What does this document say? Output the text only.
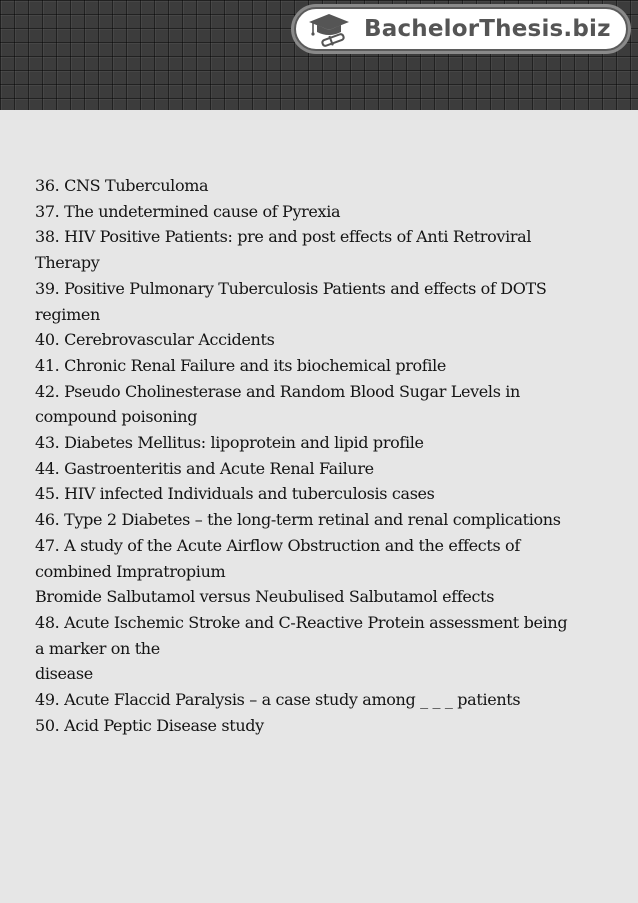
BachelorThesis.biz
36. CNS Tuberculoma
37. The undetermined cause of Pyrexia
38. HIV Positive Patients: pre and post effects of Anti Retroviral
Therapy
39. Positive Pulmonary Tuberculosis Patients and effects of DOTS
regimen
40. Cerebrovascular Accidents
41. Chronic Renal Failure and its biochemical profile
42. Pseudo Cholinesterase and Random Blood Sugar Levels in
compound poisoning
43. Diabetes Mellitus: lipoprotein and lipid profile
44. Gastroenteritis and Acute Renal Failure
45. HIV infected Individuals and tuberculosis cases
46. Type 2 Diabetes – the long-term retinal and renal complications
47. A study of the Acute Airflow Obstruction and the effects of
combined Impratropium
Bromide Salbutamol versus Neubulised Salbutamol effects
48. Acute Ischemic Stroke and C-Reactive Protein assessment being
a marker on the
disease
49. Acute Flaccid Paralysis – a case study among _ _ _ patients
50. Acid Peptic Disease study
